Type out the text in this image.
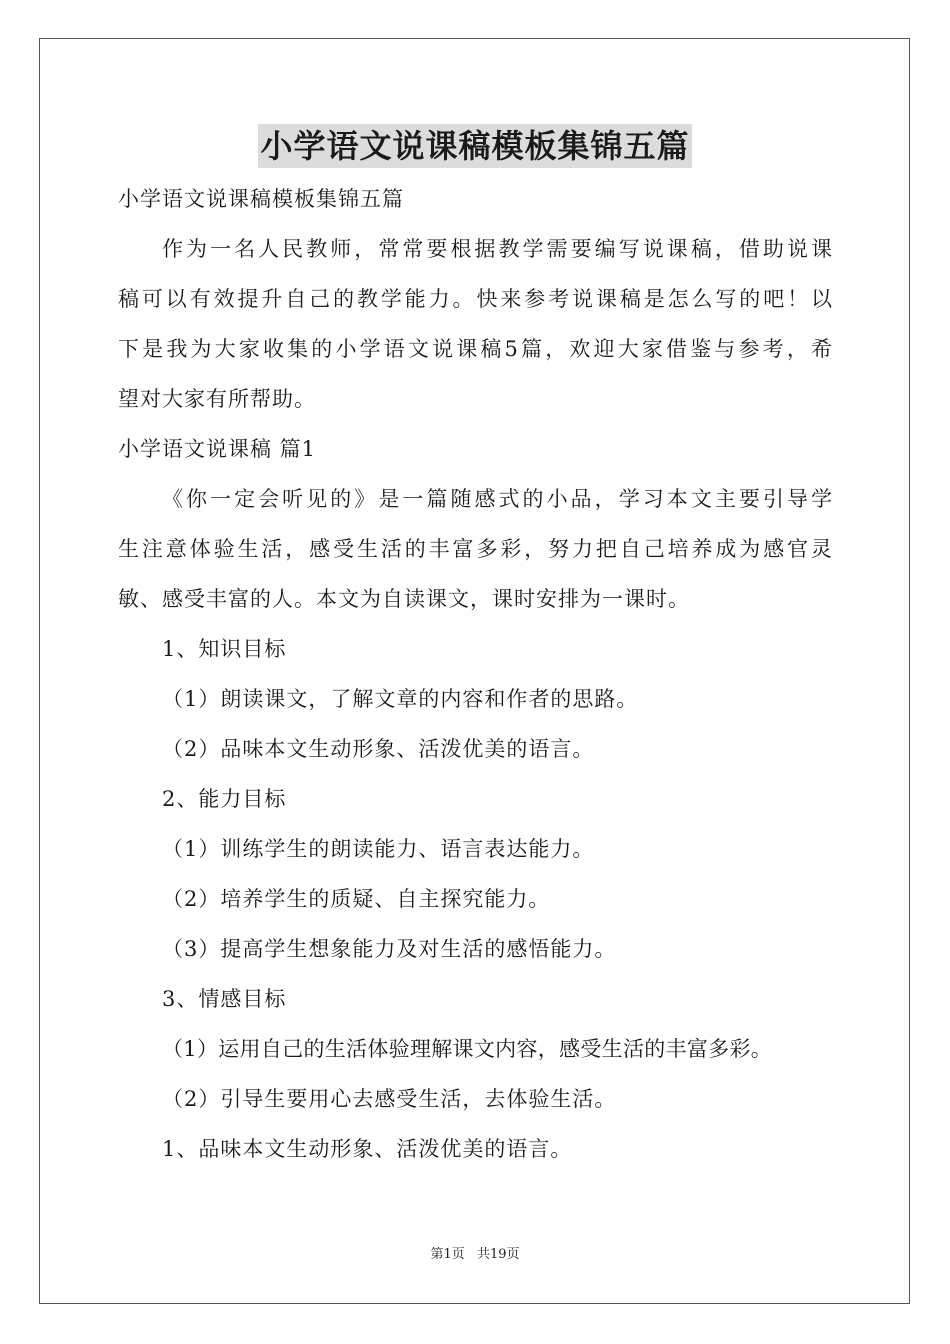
小学语文说课稿模板集锦五篇
小学语文说课稿模板集锦五篇
作为一名人民教师，常常要根据教学需要编写说课稿，借助说课
稿可以有效提升自己的教学能力。快来参考说课稿是怎么写的吧！以
下是我为大家收集的小学语文说课稿5篇，欢迎大家借鉴与参考，希
望对大家有所帮助。
小学语文说课稿 篇1
《你一定会听见的》是一篇随感式的小品，学习本文主要引导学
生注意体验生活，感受生活的丰富多彩，努力把自己培养成为感官灵
敏、感受丰富的人。本文为自读课文，课时安排为一课时。
1、知识目标
（1）朗读课文，了解文章的内容和作者的思路。
（2）品味本文生动形象、活泼优美的语言。
2、能力目标
（1）训练学生的朗读能力、语言表达能力。
（2）培养学生的质疑、自主探究能力。
（3）提高学生想象能力及对生活的感悟能力。
3、情感目标
（1）运用自己的生活体验理解课文内容，感受生活的丰富多彩。
（2）引导生要用心去感受生活，去体验生活。
1、品味本文生动形象、活泼优美的语言。
第1页 共19页
